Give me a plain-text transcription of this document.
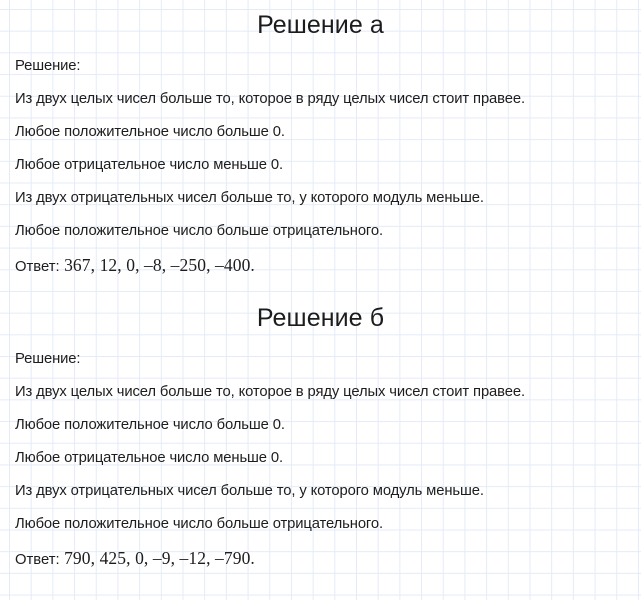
Решение а
Решение:
Из двух целых чисел больше то, которое в ряду целых чисел стоит правее.
Любое положительное число больше 0.
Любое отрицательное число меньше 0.
Из двух отрицательных чисел больше то, у которого модуль меньше.
Любое положительное число больше отрицательного.
Ответ: 367, 12, 0, –8, –250, –400.
Решение б
Решение:
Из двух целых чисел больше то, которое в ряду целых чисел стоит правее.
Любое положительное число больше 0.
Любое отрицательное число меньше 0.
Из двух отрицательных чисел больше то, у которого модуль меньше.
Любое положительное число больше отрицательного.
Ответ: 790, 425, 0, –9, –12, –790.
